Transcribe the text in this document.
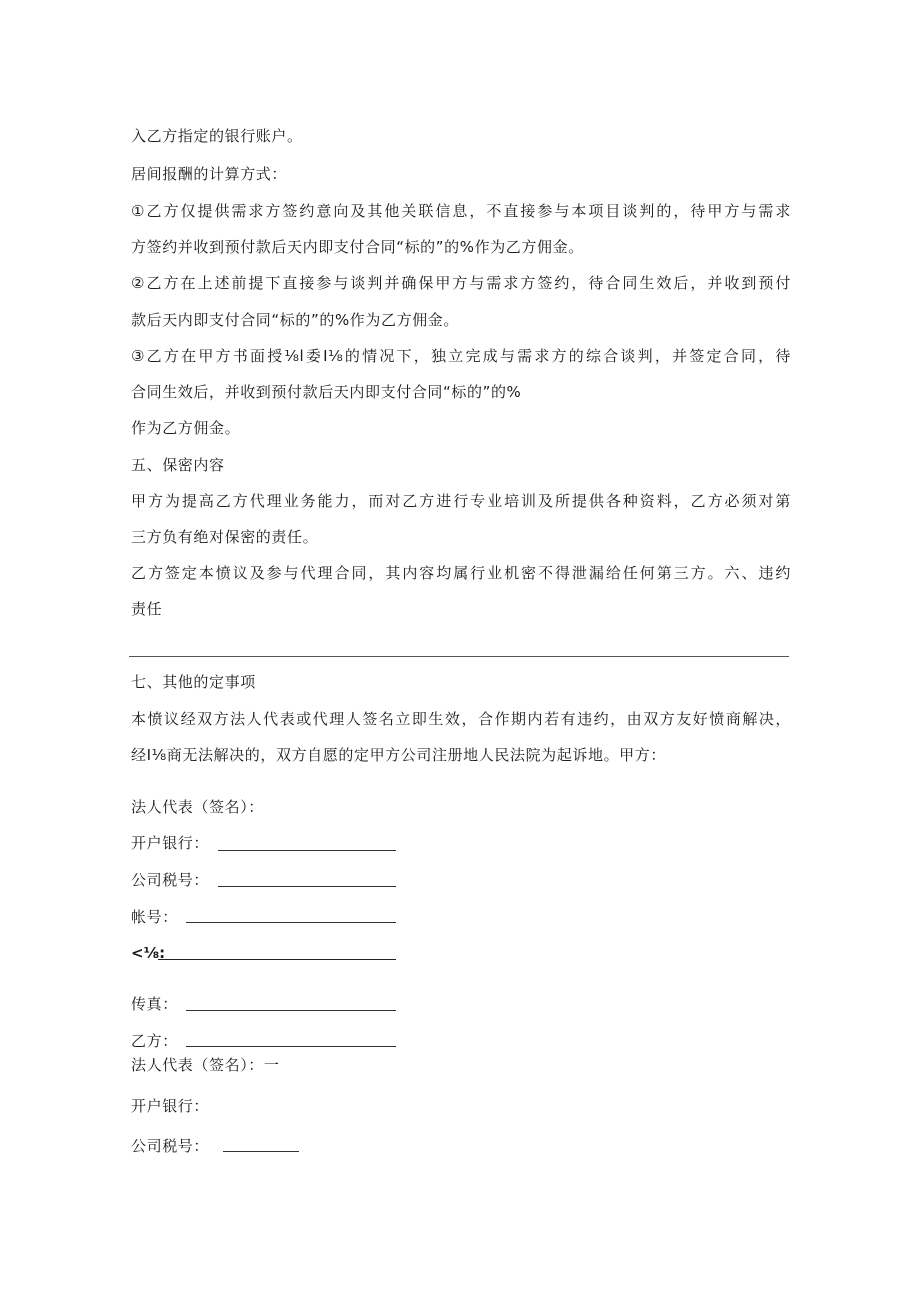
入乙方指定的银行账户。
居间报酬的计算方式：
①乙方仅提供需求方签约意向及其他关联信息，不直接参与本项目谈判的，待甲方与需求
方签约并收到预付款后天内即支付合同“标的”的%作为乙方佣金。
②乙方在上述前提下直接参与谈判并确保甲方与需求方签约，待合同生效后，并收到预付
款后天内即支付合同“标的”的%作为乙方佣金。
③乙方在甲方书面授⅛l委I⅛的情况下，独立完成与需求方的综合谈判，并签定合同，待
合同生效后，并收到预付款后天内即支付合同“标的”的%
作为乙方佣金。
五、保密内容
甲方为提高乙方代理业务能力，而对乙方进行专业培训及所提供各种资料，乙方必须对第
三方负有绝对保密的责任。
乙方签定本愤议及参与代理合同，其内容均属行业机密不得泄漏给任何第三方。六、违约
责任
七、其他的定事项
本愤议经双方法人代表或代理人签名立即生效，合作期内若有违约，由双方友好愤商解决，
经I⅛商无法解决的，双方自愿的定甲方公司注册地人民法院为起诉地。甲方：
法人代表（签名）：
开户银行：
公司税号：
帐号：
<⅛:
传真：
乙方：
法人代表（签名）：一
开户银行：
公司税号：
